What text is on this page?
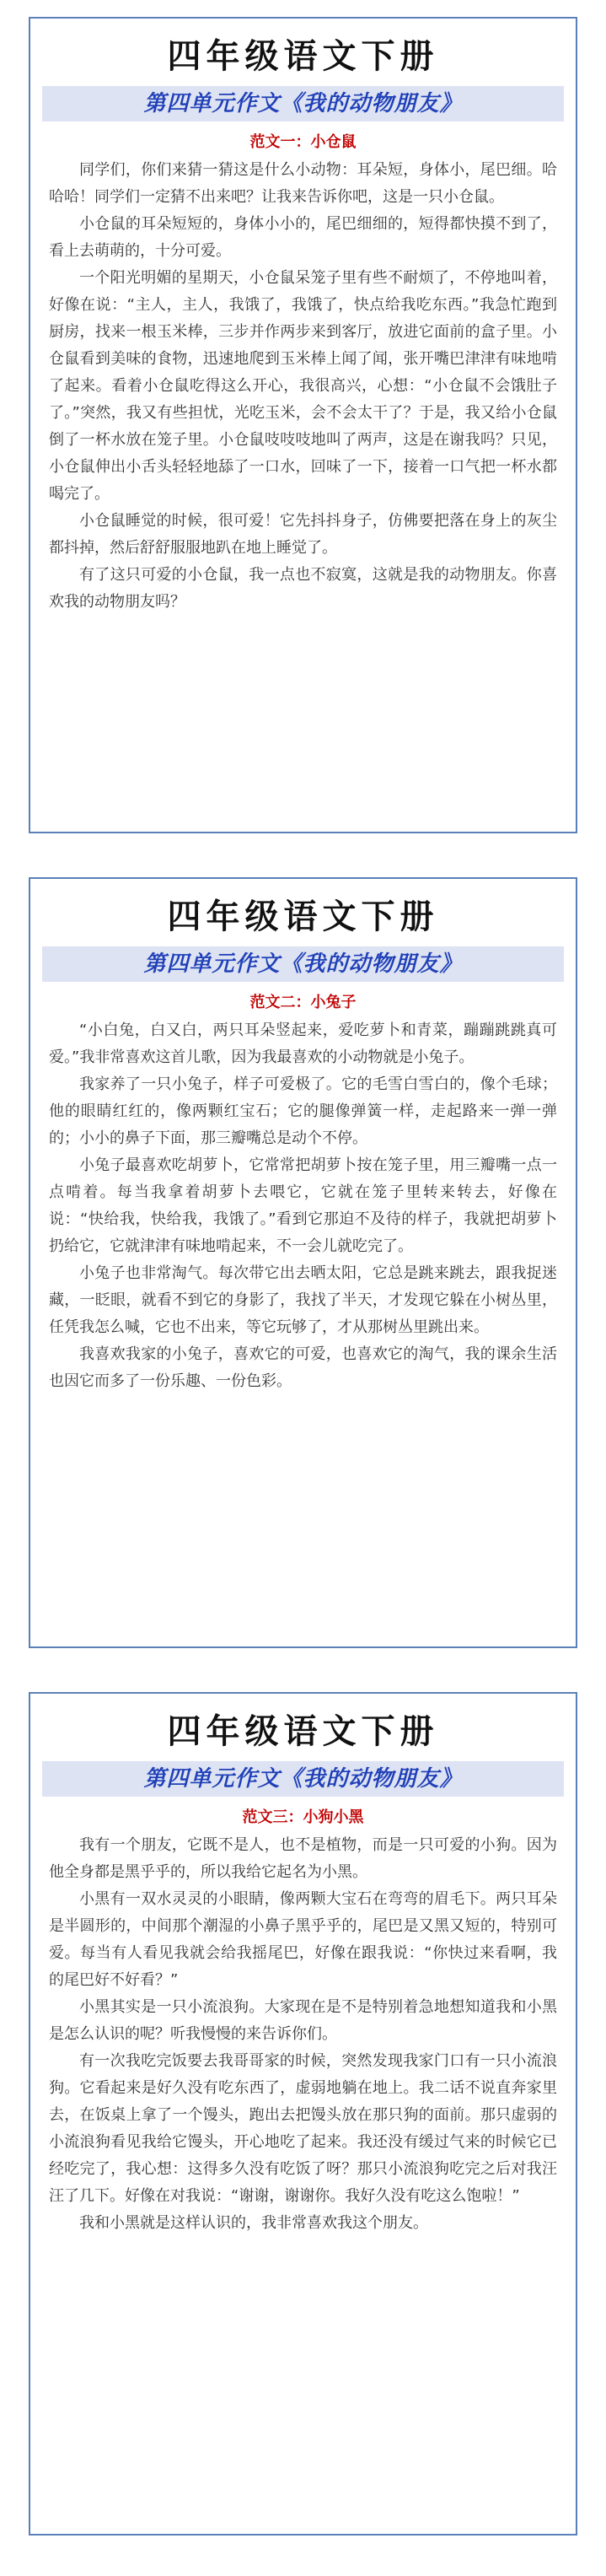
四年级语文下册
第四单元作文《我的动物朋友》
范文一：小仓鼠

同学们，你们来猜一猜这是什么小动物：耳朵短，身体小，尾巴细。哈哈哈！同学们一定猜不出来吧？让我来告诉你吧，这是一只小仓鼠。

小仓鼠的耳朵短短的，身体小小的，尾巴细细的，短得都快摸不到了，看上去萌萌的，十分可爱。

一个阳光明媚的星期天，小仓鼠呆笼子里有些不耐烦了，不停地叫着，好像在说：“主人，主人，我饿了，我饿了，快点给我吃东西。”我急忙跑到厨房，找来一根玉米棒，三步并作两步来到客厅，放进它面前的盒子里。小仓鼠看到美味的食物，迅速地爬到玉米棒上闻了闻，张开嘴巴津津有味地啃了起来。看着小仓鼠吃得这么开心，我很高兴，心想：“小仓鼠不会饿肚子了。”突然，我又有些担忧，光吃玉米，会不会太干了？于是，我又给小仓鼠倒了一杯水放在笼子里。小仓鼠吱吱吱地叫了两声，这是在谢我吗？只见，小仓鼠伸出小舌头轻轻地舔了一口水，回味了一下，接着一口气把一杯水都喝完了。

小仓鼠睡觉的时候，很可爱！它先抖抖身子，仿佛要把落在身上的灰尘都抖掉，然后舒舒服服地趴在地上睡觉了。

有了这只可爱的小仓鼠，我一点也不寂寞，这就是我的动物朋友。你喜欢我的动物朋友吗？

四年级语文下册
第四单元作文《我的动物朋友》
范文二：小兔子

“小白兔，白又白，两只耳朵竖起来，爱吃萝卜和青菜，蹦蹦跳跳真可爱。”我非常喜欢这首儿歌，因为我最喜欢的小动物就是小兔子。

我家养了一只小兔子，样子可爱极了。它的毛雪白雪白的，像个毛球；他的眼睛红红的，像两颗红宝石；它的腿像弹簧一样，走起路来一弹一弹的；小小的鼻子下面，那三瓣嘴总是动个不停。

小兔子最喜欢吃胡萝卜，它常常把胡萝卜按在笼子里，用三瓣嘴一点一点啃着。每当我拿着胡萝卜去喂它，它就在笼子里转来转去，好像在说：“快给我，快给我，我饿了。”看到它那迫不及待的样子，我就把胡萝卜扔给它，它就津津有味地啃起来，不一会儿就吃完了。

小兔子也非常淘气。每次带它出去晒太阳，它总是跳来跳去，跟我捉迷藏，一眨眼，就看不到它的身影了，我找了半天，才发现它躲在小树丛里，任凭我怎么喊，它也不出来，等它玩够了，才从那树丛里跳出来。

我喜欢我家的小兔子，喜欢它的可爱，也喜欢它的淘气，我的课余生活也因它而多了一份乐趣、一份色彩。

四年级语文下册
第四单元作文《我的动物朋友》
范文三：小狗小黑

我有一个朋友，它既不是人，也不是植物，而是一只可爱的小狗。因为他全身都是黑乎乎的，所以我给它起名为小黑。

小黑有一双水灵灵的小眼睛，像两颗大宝石在弯弯的眉毛下。两只耳朵是半圆形的，中间那个潮湿的小鼻子黑乎乎的，尾巴是又黑又短的，特别可爱。每当有人看见我就会给我摇尾巴，好像在跟我说：“你快过来看啊，我的尾巴好不好看？”

小黑其实是一只小流浪狗。大家现在是不是特别着急地想知道我和小黑是怎么认识的呢？听我慢慢的来告诉你们。

有一次我吃完饭要去我哥哥家的时候，突然发现我家门口有一只小流浪狗。它看起来是好久没有吃东西了，虚弱地躺在地上。我二话不说直奔家里去，在饭桌上拿了一个馒头，跑出去把馒头放在那只狗的面前。那只虚弱的小流浪狗看见我给它馒头，开心地吃了起来。我还没有缓过气来的时候它已经吃完了，我心想：这得多久没有吃饭了呀？那只小流浪狗吃完之后对我汪汪了几下。好像在对我说：“谢谢，谢谢你。我好久没有吃这么饱啦！”

我和小黑就是这样认识的，我非常喜欢我这个朋友。
